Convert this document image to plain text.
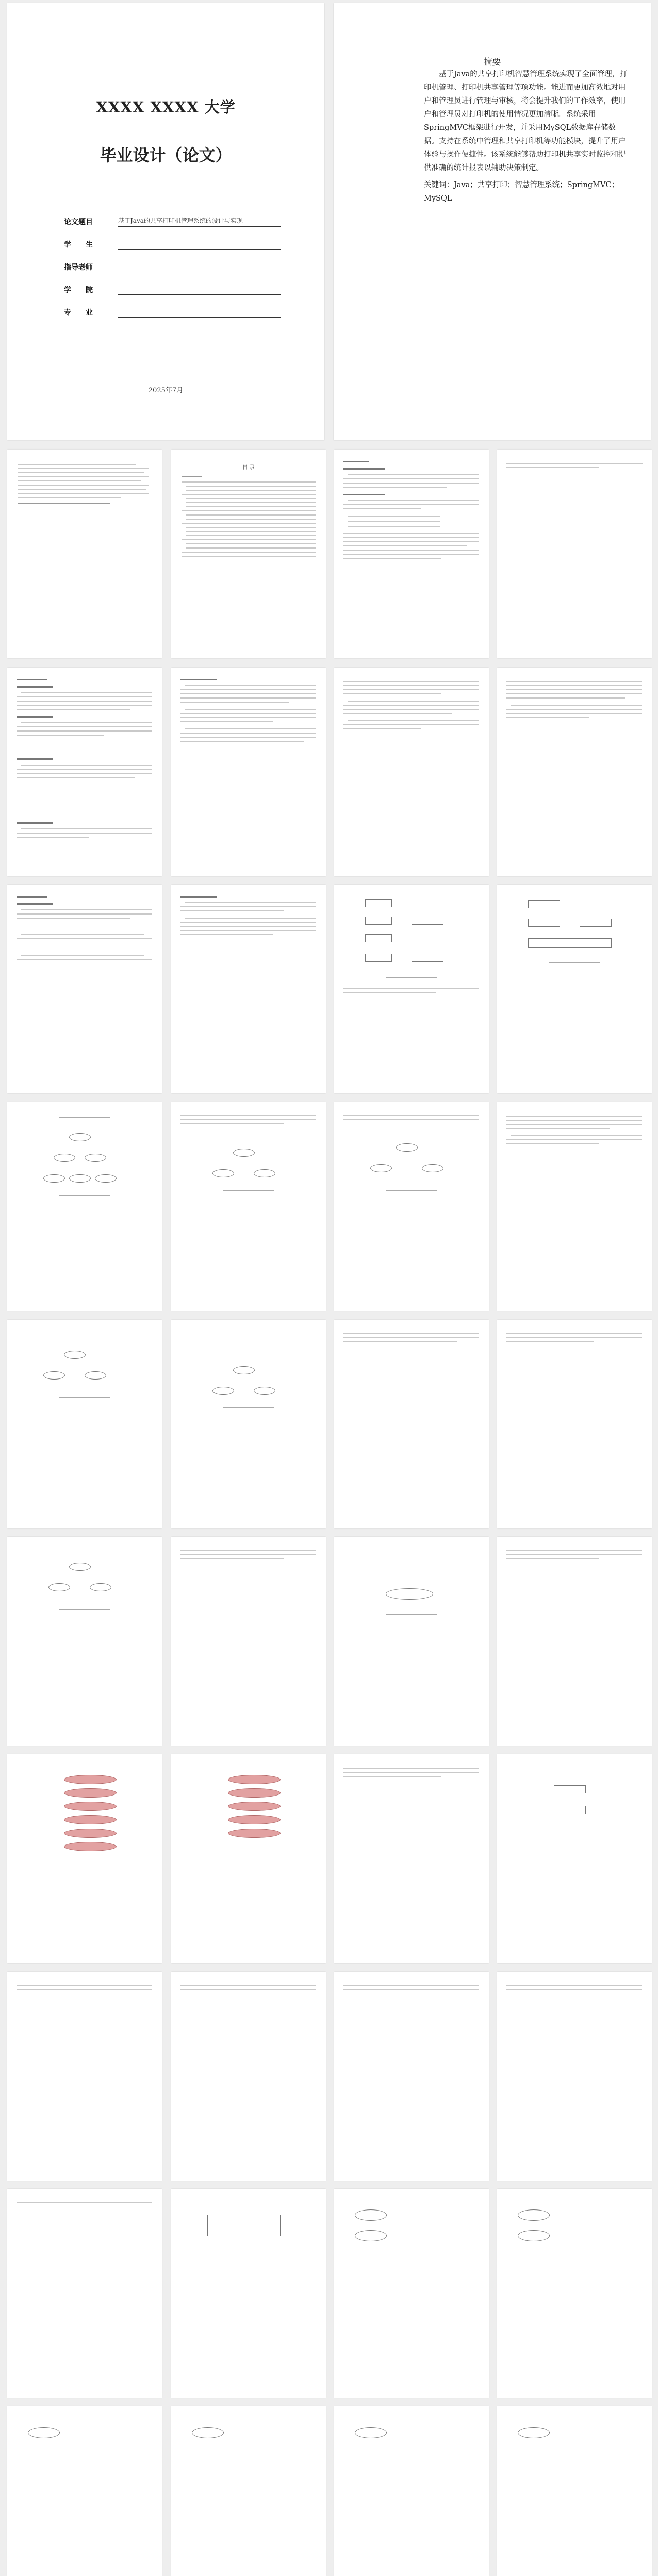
XXXX XXXX 大学
毕业设计（论文）
论文题目	基于Java的共享打印机管理系统的设计与实现
学　　生
指导老师
学　　院
专　　业
2025年7月
摘要
基于Java的共享打印机智慧管理系统实现了全面管理，打印机管理、打印机共享管理等项功能。能进而更加高效地对用户和管理员进行管理与审核，将会提升我们的工作效率，使用户和管理员对打印机的使用情况更加清晰。系统采用SpringMVC框架进行开发，并采用MySQL数据库存储数据。支持在系统中管理和共享打印机等功能模块，提升了用户体验与操作便捷性。该系统能够帮助打印机共享实时监控和提供准确的统计报表以辅助决策制定。
关键词：Java；共享打印；智慧管理系统；SpringMVC；MySQL
目 录
